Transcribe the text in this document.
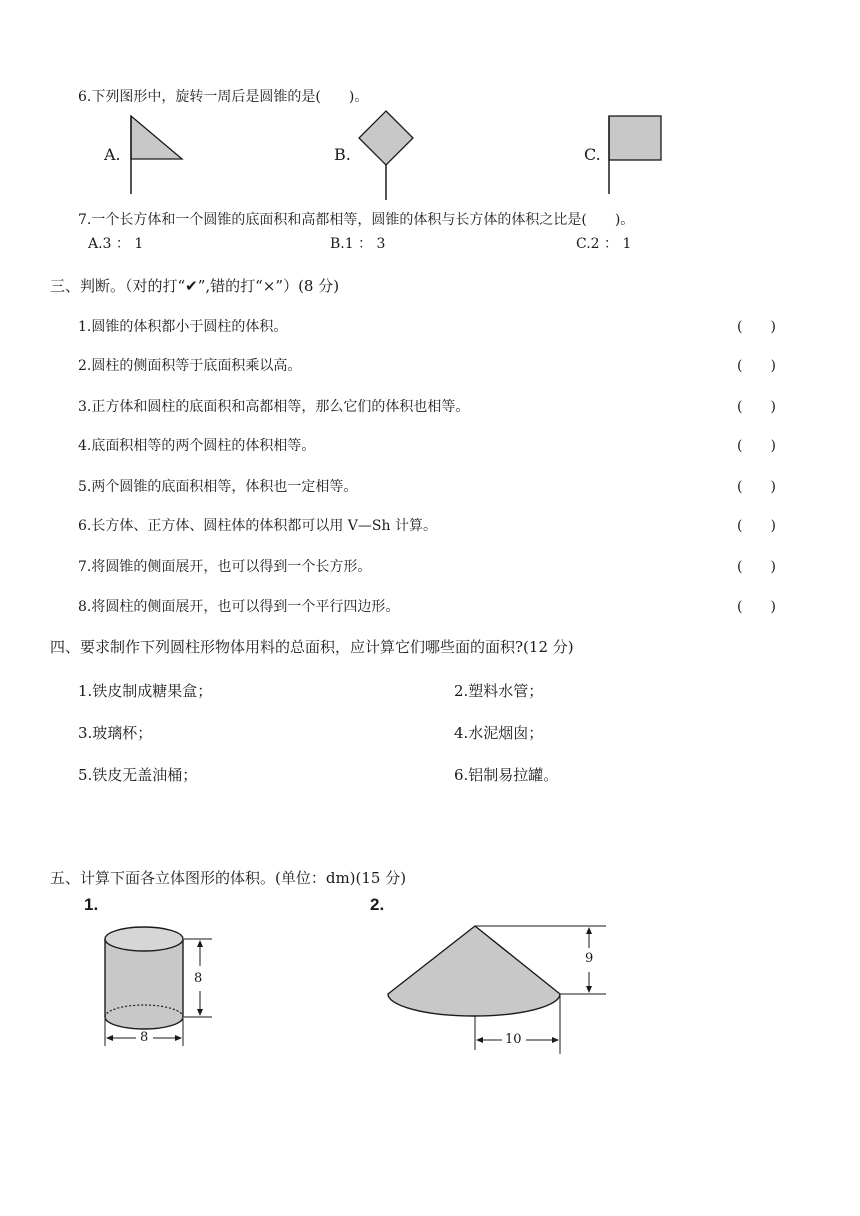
6.下列图形中，旋转一周后是圆锥的是(　　)。
A.	B.	C.
7.一个长方体和一个圆锥的底面积和高都相等，圆锥的体积与长方体的体积之比是(　　)。
A.3 ： 1	B.1 ： 3	C.2 ： 1
三、判断。（对的打“✔”,错的打“×”）(8 分)
1.圆锥的体积都小于圆柱的体积。	(　　)
2.圆柱的侧面积等于底面积乘以高。	(　　)
3.正方体和圆柱的底面积和高都相等，那么它们的体积也相等。	(　　)
4.底面积相等的两个圆柱的体积相等。	(　　)
5.两个圆锥的底面积相等，体积也一定相等。	(　　)
6.长方体、正方体、圆柱体的体积都可以用 V—Sh 计算。	(　　)
7.将圆锥的侧面展开，也可以得到一个长方形。	(　　)
8.将圆柱的侧面展开，也可以得到一个平行四边形。	(　　)
四、要求制作下列圆柱形物体用料的总面积，应计算它们哪些面的面积?(12 分)
1.铁皮制成糖果盒；	2.塑料水管；
3.玻璃杯；	4.水泥烟囱；
5.铁皮无盖油桶；	6.铝制易拉罐。
五、计算下面各立体图形的体积。(单位：dm)(15 分)
1.	2.
8
8
9
10
